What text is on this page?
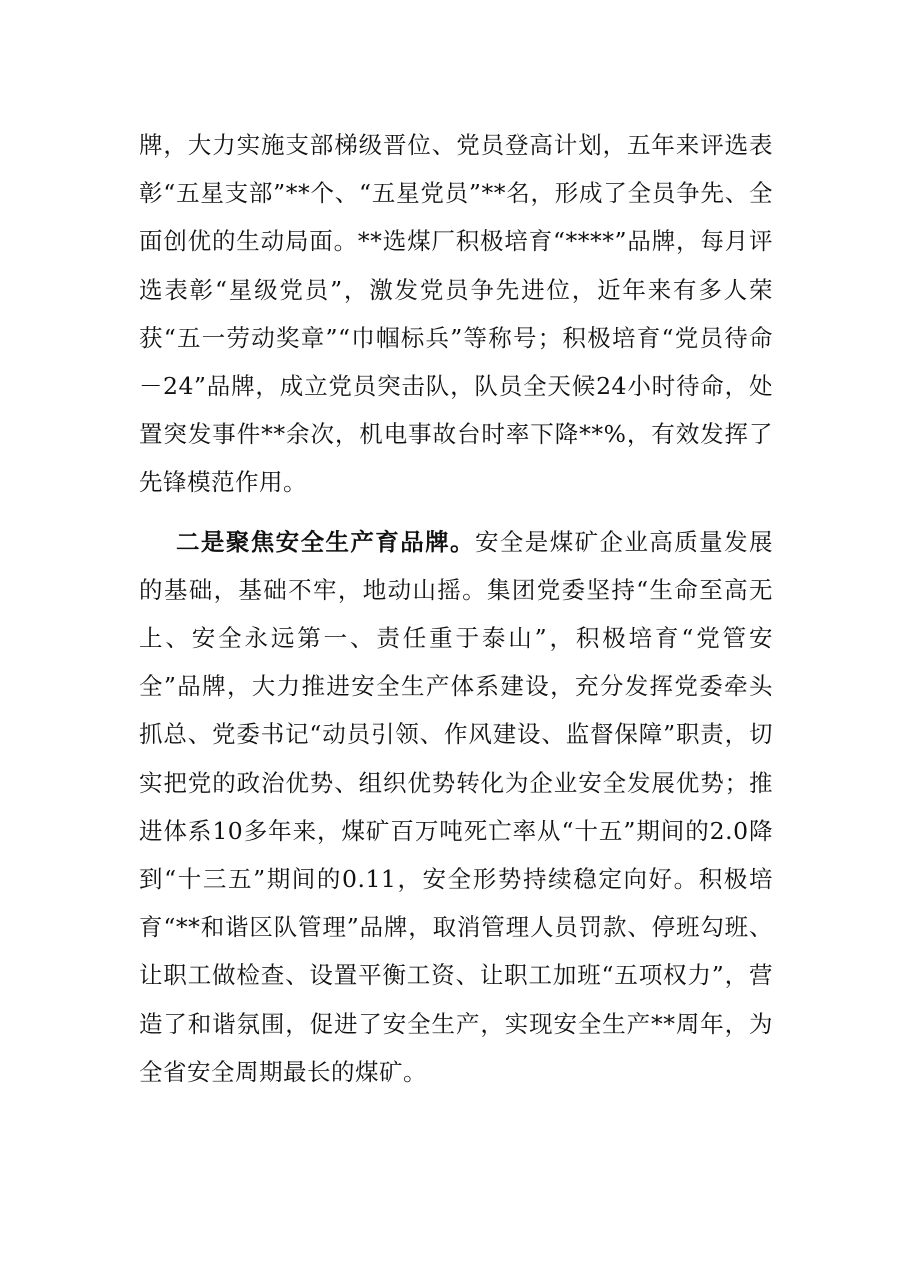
牌，大力实施支部梯级晋位、党员登高计划，五年来评选表彰“五星支部”**个、“五星党员”**名，形成了全员争先、全面创优的生动局面。**选煤厂积极培育“****”品牌，每月评选表彰“星级党员”，激发党员争先进位，近年来有多人荣获“五一劳动奖章”“巾帼标兵”等称号；积极培育“党员待命－24”品牌，成立党员突击队，队员全天候24小时待命，处置突发事件**余次，机电事故台时率下降**%，有效发挥了先锋模范作用。

二是聚焦安全生产育品牌。安全是煤矿企业高质量发展的基础，基础不牢，地动山摇。集团党委坚持“生命至高无上、安全永远第一、责任重于泰山”，积极培育“党管安全”品牌，大力推进安全生产体系建设，充分发挥党委牵头抓总、党委书记“动员引领、作风建设、监督保障”职责，切实把党的政治优势、组织优势转化为企业安全发展优势；推进体系10多年来，煤矿百万吨死亡率从“十五”期间的2.0降到“十三五”期间的0.11，安全形势持续稳定向好。积极培育“**和谐区队管理”品牌，取消管理人员罚款、停班勾班、让职工做检查、设置平衡工资、让职工加班“五项权力”，营造了和谐氛围，促进了安全生产，实现安全生产**周年，为全省安全周期最长的煤矿。
